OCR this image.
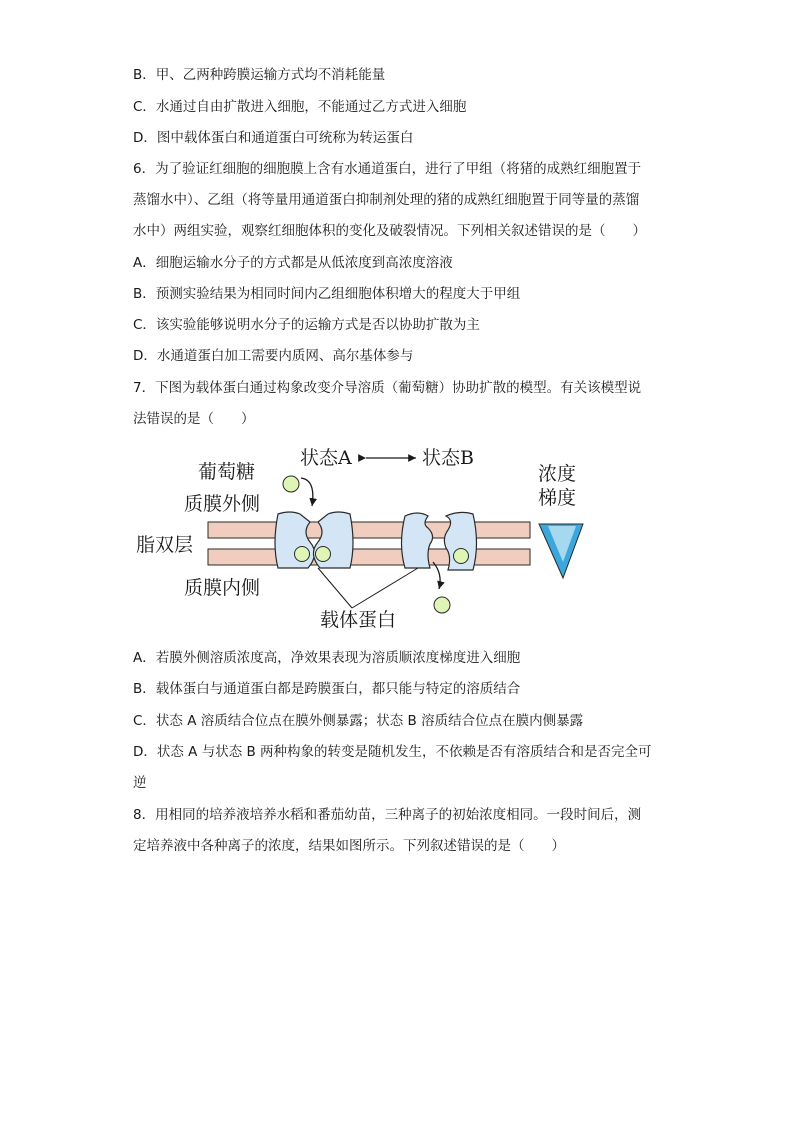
B．甲、乙两种跨膜运输方式均不消耗能量
C．水通过自由扩散进入细胞，不能通过乙方式进入细胞
D．图中载体蛋白和通道蛋白可统称为转运蛋白
6．为了验证红细胞的细胞膜上含有水通道蛋白，进行了甲组（将猪的成熟红细胞置于
蒸馏水中）、乙组（将等量用通道蛋白抑制剂处理的猪的成熟红细胞置于同等量的蒸馏
水中）两组实验，观察红细胞体积的变化及破裂情况。下列相关叙述错误的是（　　）
A．细胞运输水分子的方式都是从低浓度到高浓度溶液
B．预测实验结果为相同时间内乙组细胞体积增大的程度大于甲组
C．该实验能够说明水分子的运输方式是否以协助扩散为主
D．水通道蛋白加工需要内质网、高尔基体参与
7．下图为载体蛋白通过构象改变介导溶质（葡萄糖）协助扩散的模型。有关该模型说
法错误的是（　　）
葡萄糖
状态A	状态B
质膜外侧
脂双层
质膜内侧
载体蛋白
浓度
梯度
A．若膜外侧溶质浓度高，净效果表现为溶质顺浓度梯度进入细胞
B．载体蛋白与通道蛋白都是跨膜蛋白，都只能与特定的溶质结合
C．状态 A 溶质结合位点在膜外侧暴露；状态 B 溶质结合位点在膜内侧暴露
D．状态 A 与状态 B 两种构象的转变是随机发生，不依赖是否有溶质结合和是否完全可
逆
8．用相同的培养液培养水稻和番茄幼苗，三种离子的初始浓度相同。一段时间后，测
定培养液中各种离子的浓度，结果如图所示。下列叙述错误的是（　　）
